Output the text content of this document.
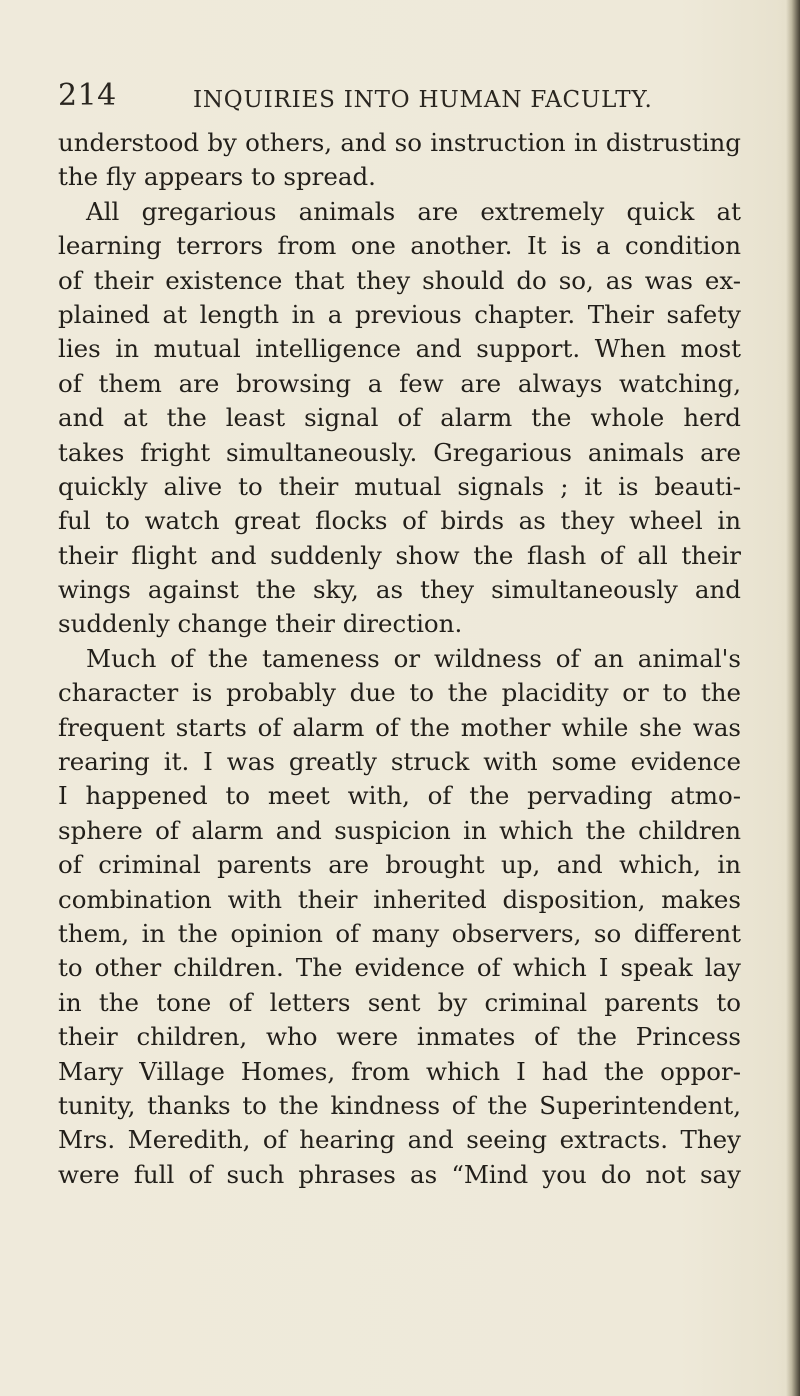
214	INQUIRIES INTO HUMAN FACULTY.
understood by others, and so instruction in distrusting
the fly appears to spread.
All gregarious animals are extremely quick at
learning terrors from one another. It is a condition
of their existence that they should do so, as was ex-
plained at length in a previous chapter. Their safety
lies in mutual intelligence and support. When most
of them are browsing a few are always watching,
and at the least signal of alarm the whole herd
takes fright simultaneously. Gregarious animals are
quickly alive to their mutual signals ; it is beauti-
ful to watch great flocks of birds as they wheel in
their flight and suddenly show the flash of all their
wings against the sky, as they simultaneously and
suddenly change their direction.
Much of the tameness or wildness of an animal's
character is probably due to the placidity or to the
frequent starts of alarm of the mother while she was
rearing it. I was greatly struck with some evidence
I happened to meet with, of the pervading atmo-
sphere of alarm and suspicion in which the children
of criminal parents are brought up, and which, in
combination with their inherited disposition, makes
them, in the opinion of many observers, so different
to other children. The evidence of which I speak lay
in the tone of letters sent by criminal parents to
their children, who were inmates of the Princess
Mary Village Homes, from which I had the oppor-
tunity, thanks to the kindness of the Superintendent,
Mrs. Meredith, of hearing and seeing extracts. They
were full of such phrases as “Mind you do not say
